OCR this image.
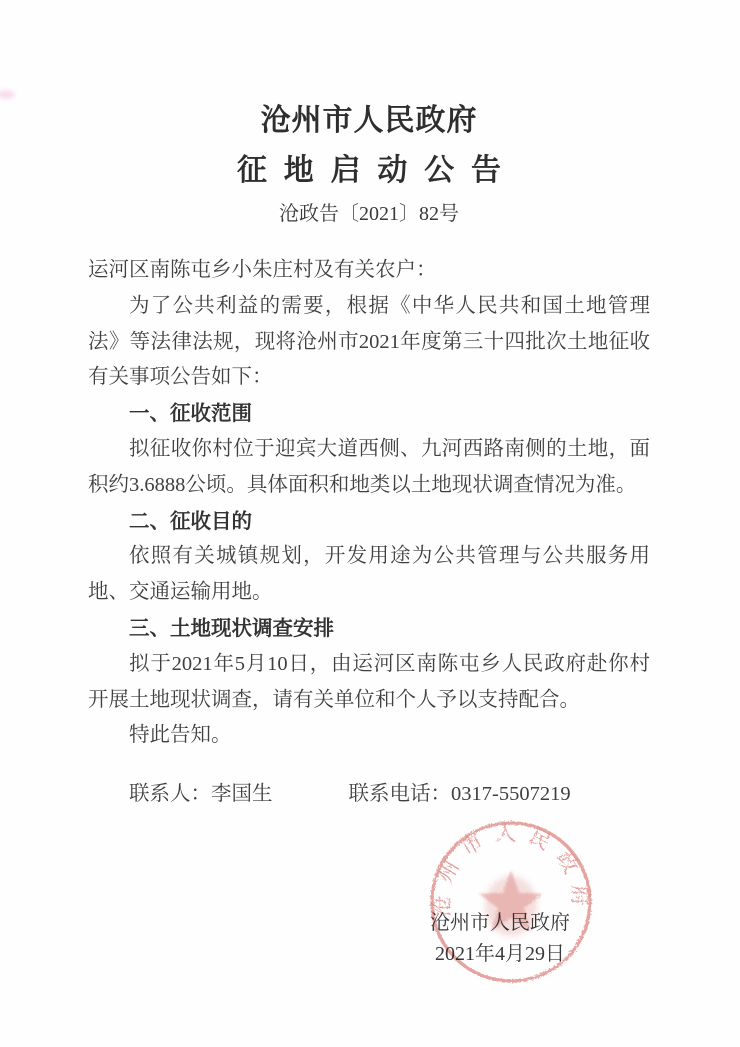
沧州市人民政府
征地启动公告
沧政告〔2021〕82号

运河区南陈屯乡小朱庄村及有关农户：

为了公共利益的需要，根据《中华人民共和国土地管理法》等法律法规，现将沧州市2021年度第三十四批次土地征收有关事项公告如下：

一、征收范围

拟征收你村位于迎宾大道西侧、九河西路南侧的土地，面积约3.6888公顷。具体面积和地类以土地现状调查情况为准。

二、征收目的

依照有关城镇规划，开发用途为公共管理与公共服务用地、交通运输用地。

三、土地现状调查安排

拟于2021年5月10日，由运河区南陈屯乡人民政府赴你村开展土地现状调查，请有关单位和个人予以支持配合。

特此告知。

联系人：李国生	联系电话：0317-5507219
沧州市人民政府
2021年4月29日
沧州市人民政府
